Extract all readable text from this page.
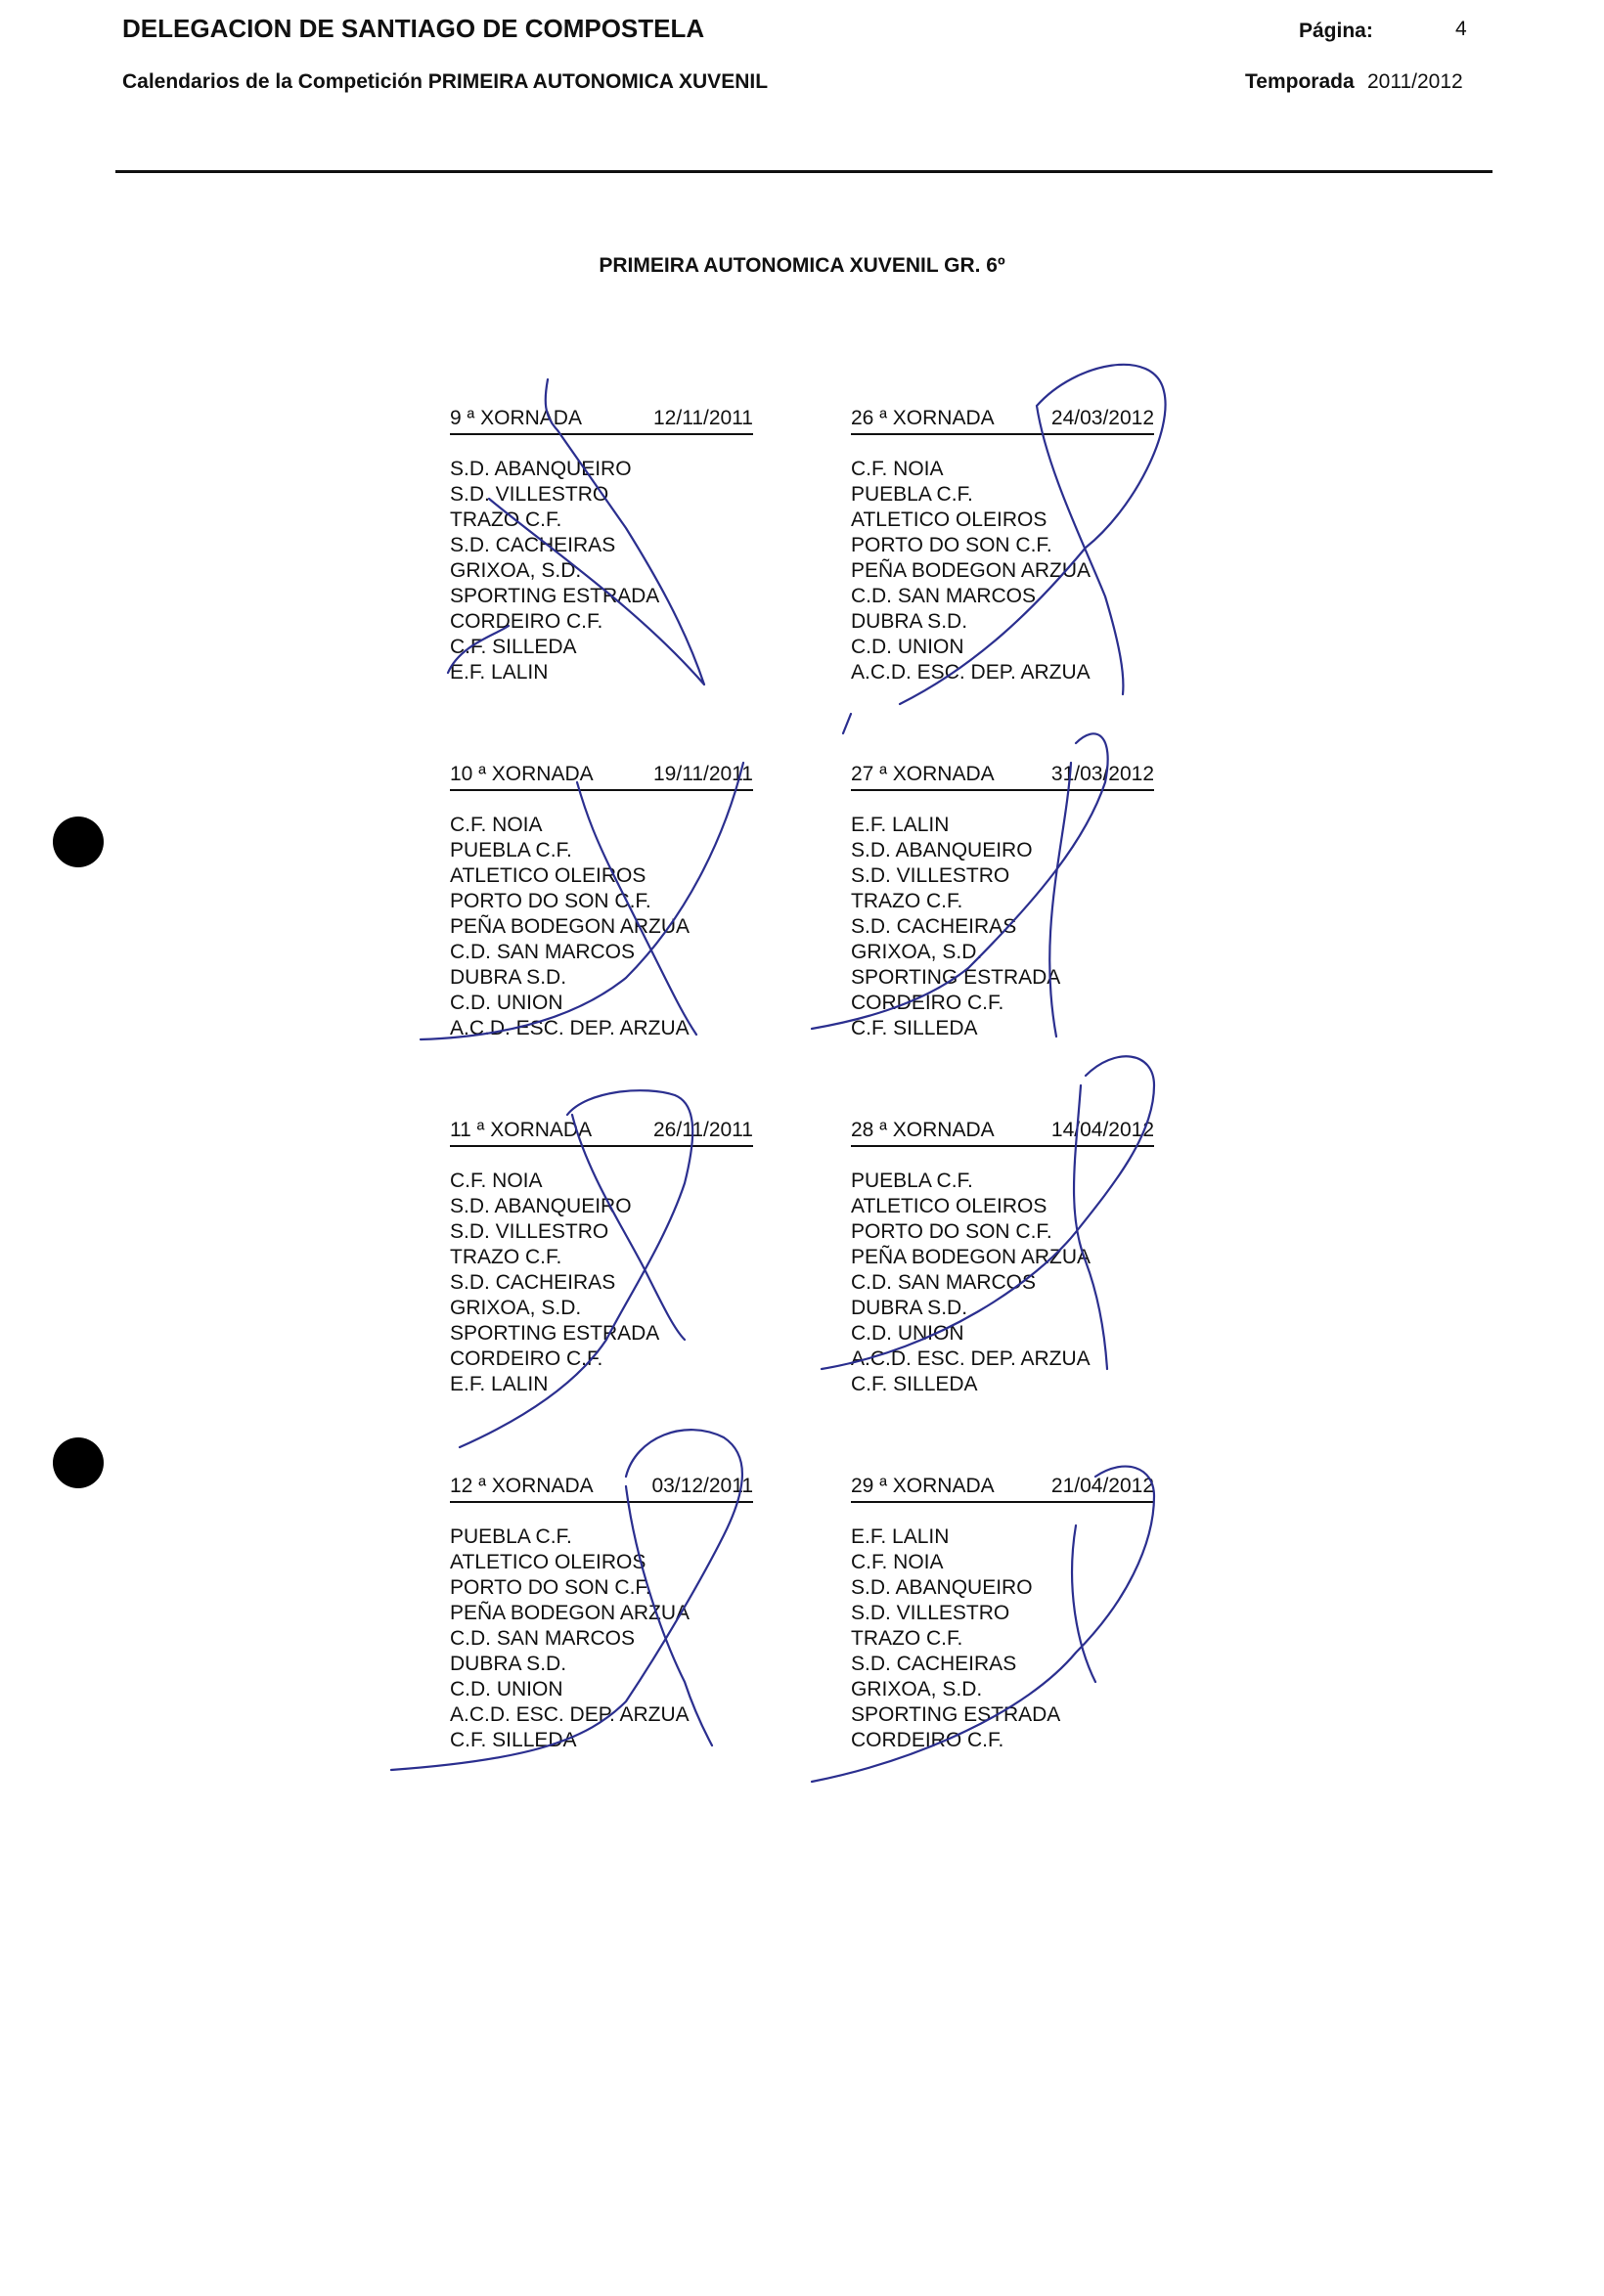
DELEGACION DE SANTIAGO DE COMPOSTELA	Página:	4
Calendarios de la Competición PRIMEIRA AUTONOMICA XUVENIL	Temporada 2011/2012
PRIMEIRA AUTONOMICA XUVENIL GR. 6º
9 ª XORNADA	12/11/2011
S.D. ABANQUEIRO
S.D. VILLESTRO
TRAZO C.F.
S.D. CACHEIRAS
GRIXOA, S.D.
SPORTING ESTRADA
CORDEIRO C.F.
C.F. SILLEDA
E.F. LALIN
26 ª XORNADA	24/03/2012
C.F. NOIA
PUEBLA C.F.
ATLETICO OLEIROS
PORTO DO SON C.F.
PEÑA BODEGON ARZUA
C.D. SAN MARCOS
DUBRA S.D.
C.D. UNION
A.C.D. ESC. DEP. ARZUA
10 ª XORNADA	19/11/2011
C.F. NOIA
PUEBLA C.F.
ATLETICO OLEIROS
PORTO DO SON C.F.
PEÑA BODEGON ARZUA
C.D. SAN MARCOS
DUBRA S.D.
C.D. UNION
A.C.D. ESC. DEP. ARZUA
27 ª XORNADA	31/03/2012
E.F. LALIN
S.D. ABANQUEIRO
S.D. VILLESTRO
TRAZO C.F.
S.D. CACHEIRAS
GRIXOA, S.D.
SPORTING ESTRADA
CORDEIRO C.F.
C.F. SILLEDA
11 ª XORNADA	26/11/2011
C.F. NOIA
S.D. ABANQUEIRO
S.D. VILLESTRO
TRAZO C.F.
S.D. CACHEIRAS
GRIXOA, S.D.
SPORTING ESTRADA
CORDEIRO C.F.
E.F. LALIN
28 ª XORNADA	14/04/2012
PUEBLA C.F.
ATLETICO OLEIROS
PORTO DO SON C.F.
PEÑA BODEGON ARZUA
C.D. SAN MARCOS
DUBRA S.D.
C.D. UNION
A.C.D. ESC. DEP. ARZUA
C.F. SILLEDA
12 ª XORNADA	03/12/2011
PUEBLA C.F.
ATLETICO OLEIROS
PORTO DO SON C.F.
PEÑA BODEGON ARZUA
C.D. SAN MARCOS
DUBRA S.D.
C.D. UNION
A.C.D. ESC. DEP. ARZUA
C.F. SILLEDA
29 ª XORNADA	21/04/2012
E.F. LALIN
C.F. NOIA
S.D. ABANQUEIRO
S.D. VILLESTRO
TRAZO C.F.
S.D. CACHEIRAS
GRIXOA, S.D.
SPORTING ESTRADA
CORDEIRO C.F.
